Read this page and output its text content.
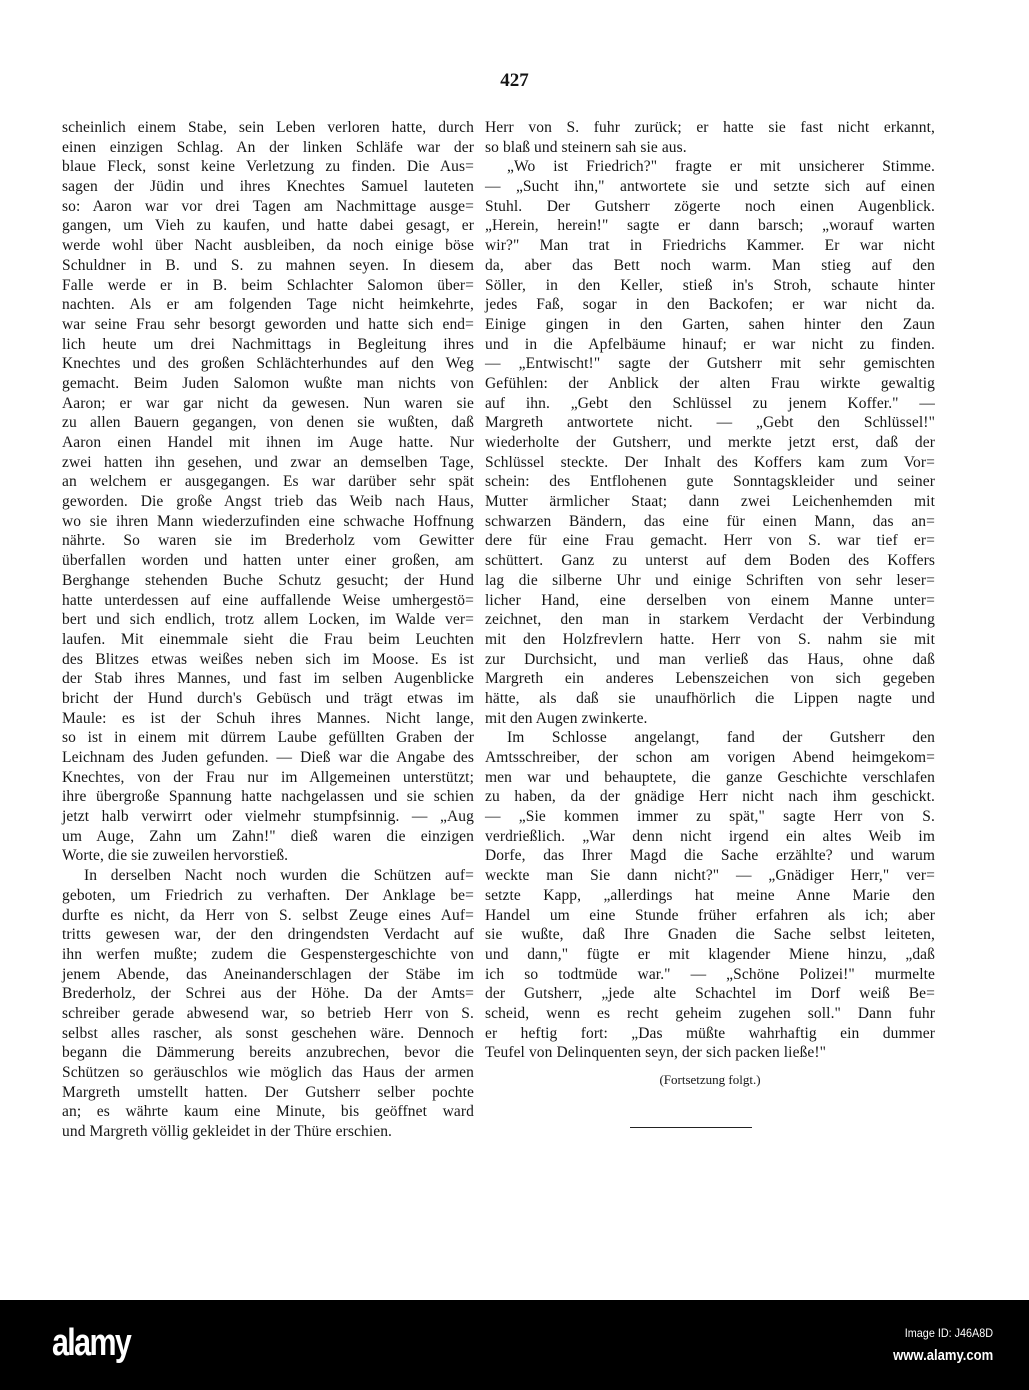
427
scheinlich einem Stabe, sein Leben verloren hatte, durch
einen einzigen Schlag. An der linken Schläfe war der
blaue Fleck, sonst keine Verletzung zu finden. Die Aus=
sagen der Jüdin und ihres Knechtes Samuel lauteten
so: Aaron war vor drei Tagen am Nachmittage ausge=
gangen, um Vieh zu kaufen, und hatte dabei gesagt, er
werde wohl über Nacht ausbleiben, da noch einige böse
Schuldner in B. und S. zu mahnen seyen. In diesem
Falle werde er in B. beim Schlachter Salomon über=
nachten. Als er am folgenden Tage nicht heimkehrte,
war seine Frau sehr besorgt geworden und hatte sich end=
lich heute um drei Nachmittags in Begleitung ihres
Knechtes und des großen Schlächterhundes auf den Weg
gemacht. Beim Juden Salomon wußte man nichts von
Aaron; er war gar nicht da gewesen. Nun waren sie
zu allen Bauern gegangen, von denen sie wußten, daß
Aaron einen Handel mit ihnen im Auge hatte. Nur
zwei hatten ihn gesehen, und zwar an demselben Tage,
an welchem er ausgegangen. Es war darüber sehr spät
geworden. Die große Angst trieb das Weib nach Haus,
wo sie ihren Mann wiederzufinden eine schwache Hoffnung
nährte. So waren sie im Brederholz vom Gewitter
überfallen worden und hatten unter einer großen, am
Berghange stehenden Buche Schutz gesucht; der Hund
hatte unterdessen auf eine auffallende Weise umhergestö=
bert und sich endlich, trotz allem Locken, im Walde ver=
laufen. Mit einemmale sieht die Frau beim Leuchten
des Blitzes etwas weißes neben sich im Moose. Es ist
der Stab ihres Mannes, und fast im selben Augenblicke
bricht der Hund durch's Gebüsch und trägt etwas im
Maule: es ist der Schuh ihres Mannes. Nicht lange,
so ist in einem mit dürrem Laube gefüllten Graben der
Leichnam des Juden gefunden. — Dieß war die Angabe des
Knechtes, von der Frau nur im Allgemeinen unterstützt;
ihre übergroße Spannung hatte nachgelassen und sie schien
jetzt halb verwirrt oder vielmehr stumpfsinnig. — „Aug
um Auge, Zahn um Zahn!" dieß waren die einzigen
Worte, die sie zuweilen hervorstieß.
In derselben Nacht noch wurden die Schützen auf=
geboten, um Friedrich zu verhaften. Der Anklage be=
durfte es nicht, da Herr von S. selbst Zeuge eines Auf=
tritts gewesen war, der den dringendsten Verdacht auf
ihn werfen mußte; zudem die Gespenstergeschichte von
jenem Abende, das Aneinanderschlagen der Stäbe im
Brederholz, der Schrei aus der Höhe. Da der Amts=
schreiber gerade abwesend war, so betrieb Herr von S.
selbst alles rascher, als sonst geschehen wäre. Dennoch
begann die Dämmerung bereits anzubrechen, bevor die
Schützen so geräuschlos wie möglich das Haus der armen
Margreth umstellt hatten. Der Gutsherr selber pochte
an; es währte kaum eine Minute, bis geöffnet ward
und Margreth völlig gekleidet in der Thüre erschien.
Herr von S. fuhr zurück; er hatte sie fast nicht erkannt,
so blaß und steinern sah sie aus.
„Wo ist Friedrich?" fragte er mit unsicherer Stimme.
— „Sucht ihn," antwortete sie und setzte sich auf einen
Stuhl. Der Gutsherr zögerte noch einen Augenblick.
„Herein, herein!" sagte er dann barsch; „worauf warten
wir?" Man trat in Friedrichs Kammer. Er war nicht
da, aber das Bett noch warm. Man stieg auf den
Söller, in den Keller, stieß in's Stroh, schaute hinter
jedes Faß, sogar in den Backofen; er war nicht da.
Einige gingen in den Garten, sahen hinter den Zaun
und in die Apfelbäume hinauf; er war nicht zu finden.
— „Entwischt!" sagte der Gutsherr mit sehr gemischten
Gefühlen: der Anblick der alten Frau wirkte gewaltig
auf ihn. „Gebt den Schlüssel zu jenem Koffer." —
Margreth antwortete nicht. — „Gebt den Schlüssel!"
wiederholte der Gutsherr, und merkte jetzt erst, daß der
Schlüssel steckte. Der Inhalt des Koffers kam zum Vor=
schein: des Entflohenen gute Sonntagskleider und seiner
Mutter ärmlicher Staat; dann zwei Leichenhemden mit
schwarzen Bändern, das eine für einen Mann, das an=
dere für eine Frau gemacht. Herr von S. war tief er=
schüttert. Ganz zu unterst auf dem Boden des Koffers
lag die silberne Uhr und einige Schriften von sehr leser=
licher Hand, eine derselben von einem Manne unter=
zeichnet, den man in starkem Verdacht der Verbindung
mit den Holzfrevlern hatte. Herr von S. nahm sie mit
zur Durchsicht, und man verließ das Haus, ohne daß
Margreth ein anderes Lebenszeichen von sich gegeben
hätte, als daß sie unaufhörlich die Lippen nagte und
mit den Augen zwinkerte.
Im Schlosse angelangt, fand der Gutsherr den
Amtsschreiber, der schon am vorigen Abend heimgekom=
men war und behauptete, die ganze Geschichte verschlafen
zu haben, da der gnädige Herr nicht nach ihm geschickt.
— „Sie kommen immer zu spät," sagte Herr von S.
verdrießlich. „War denn nicht irgend ein altes Weib im
Dorfe, das Ihrer Magd die Sache erzählte? und warum
weckte man Sie dann nicht?" — „Gnädiger Herr," ver=
setzte Kapp, „allerdings hat meine Anne Marie den
Handel um eine Stunde früher erfahren als ich; aber
sie wußte, daß Ihre Gnaden die Sache selbst leiteten,
und dann," fügte er mit klagender Miene hinzu, „daß
ich so todtmüde war." — „Schöne Polizei!" murmelte
der Gutsherr, „jede alte Schachtel im Dorf weiß Be=
scheid, wenn es recht geheim zugehen soll." Dann fuhr
er heftig fort: „Das müßte wahrhaftig ein dummer
Teufel von Delinquenten seyn, der sich packen ließe!"
(Fortsetzung folgt.)
alamy	Image ID: J46A8D
www.alamy.com
